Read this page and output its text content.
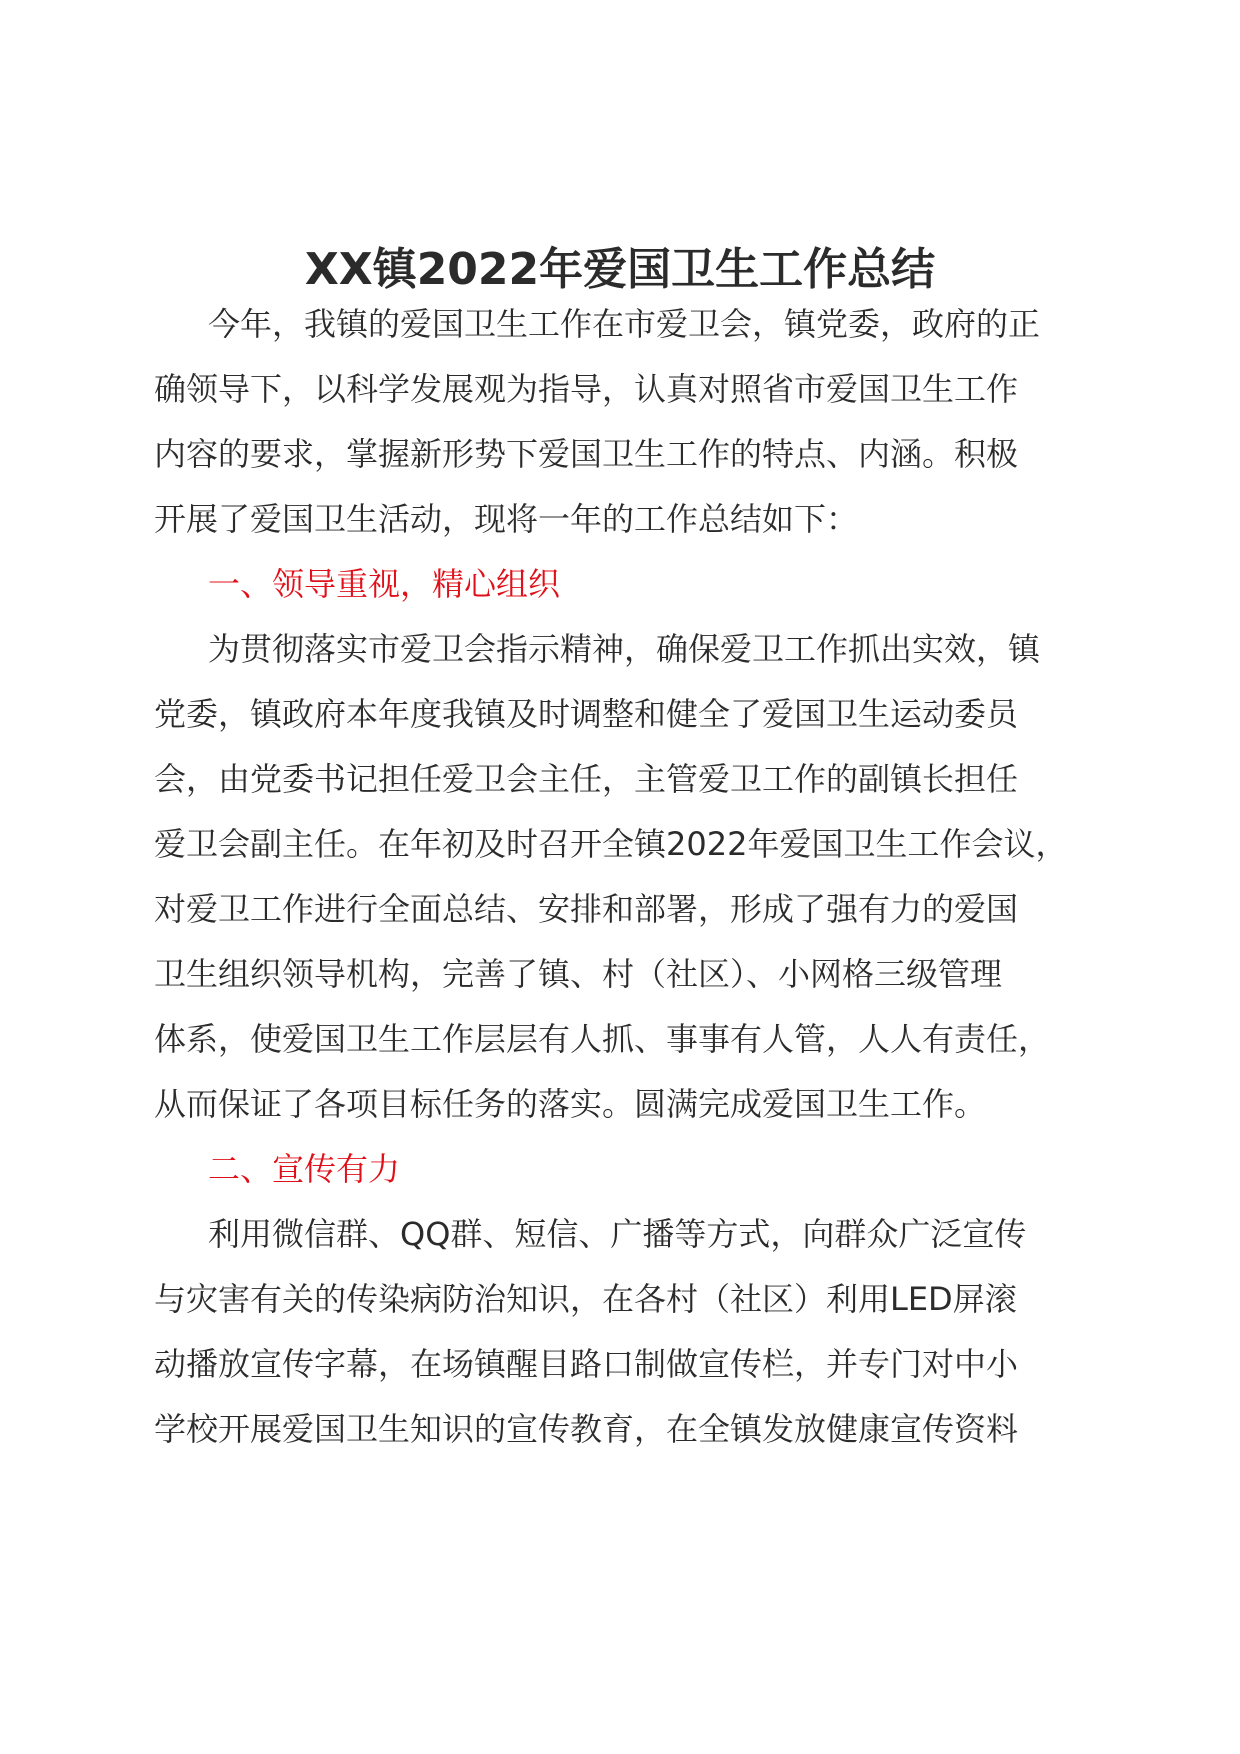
XX镇2022年爱国卫生工作总结
今年，我镇的爱国卫生工作在市爱卫会，镇党委，政府的正
确领导下，以科学发展观为指导，认真对照省市爱国卫生工作
内容的要求，掌握新形势下爱国卫生工作的特点、内涵。积极
开展了爱国卫生活动，现将一年的工作总结如下：
一、领导重视，精心组织
为贯彻落实市爱卫会指示精神，确保爱卫工作抓出实效，镇
党委，镇政府本年度我镇及时调整和健全了爱国卫生运动委员
会，由党委书记担任爱卫会主任，主管爱卫工作的副镇长担任
爱卫会副主任。在年初及时召开全镇2022年爱国卫生工作会议，
对爱卫工作进行全面总结、安排和部署，形成了强有力的爱国
卫生组织领导机构，完善了镇、村（社区）、小网格三级管理
体系，使爱国卫生工作层层有人抓、事事有人管，人人有责任，
从而保证了各项目标任务的落实。圆满完成爱国卫生工作。
二、宣传有力
利用微信群、QQ群、短信、广播等方式，向群众广泛宣传
与灾害有关的传染病防治知识，在各村（社区）利用LED屏滚
动播放宣传字幕，在场镇醒目路口制做宣传栏，并专门对中小
学校开展爱国卫生知识的宣传教育，在全镇发放健康宣传资料
